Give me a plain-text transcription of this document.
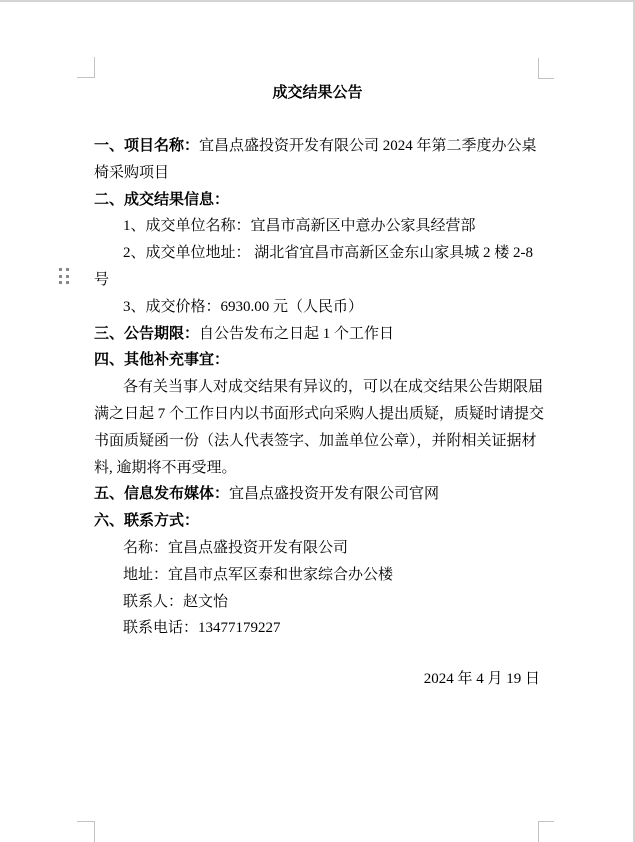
成交结果公告
一、项目名称：宜昌点盛投资开发有限公司 2024 年第二季度办公桌
椅采购项目
二、成交结果信息：
1、成交单位名称：宜昌市高新区中意办公家具经营部
2、成交单位地址： 湖北省宜昌市高新区金东山家具城 2 楼 2-8
号
3、成交价格：6930.00 元（人民币）
三、公告期限：自公告发布之日起 1 个工作日
四、其他补充事宜：
各有关当事人对成交结果有异议的，可以在成交结果公告期限届
满之日起 7 个工作日内以书面形式向采购人提出质疑，质疑时请提交
书面质疑函一份（法人代表签字、加盖单位公章），并附相关证据材
料, 逾期将不再受理。
五、信息发布媒体：宜昌点盛投资开发有限公司官网
六、联系方式：
名称：宜昌点盛投资开发有限公司
地址：宜昌市点军区泰和世家综合办公楼
联系人：赵文怡
联系电话：13477179227
2024 年 4 月 19 日
